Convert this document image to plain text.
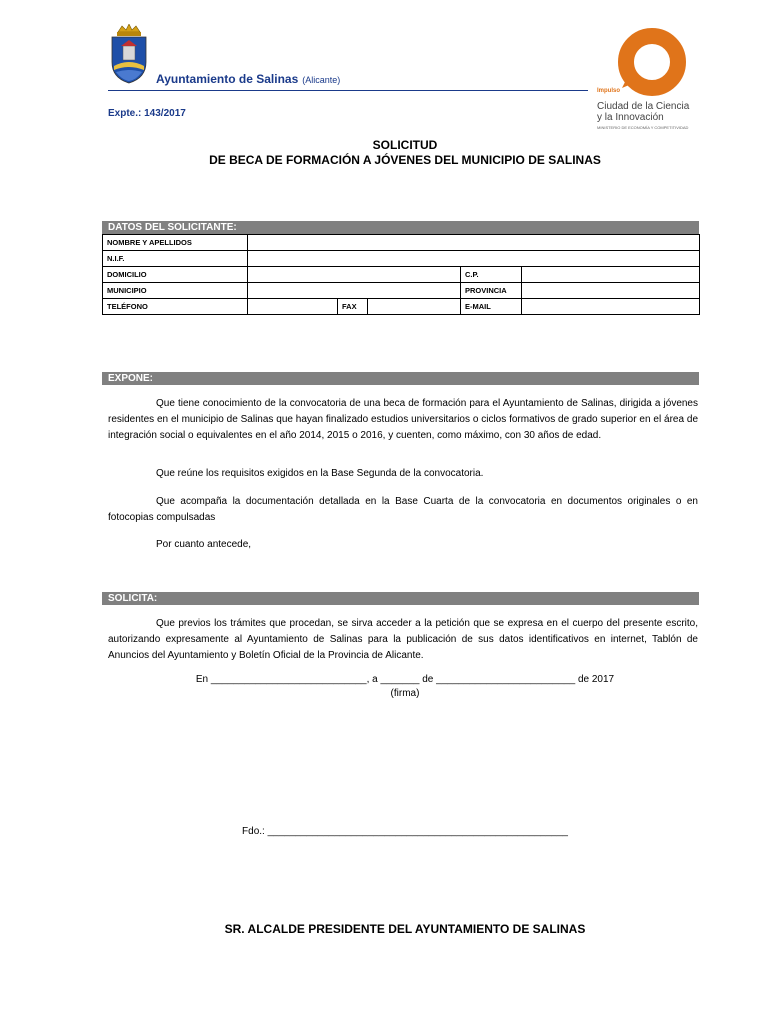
Ayuntamiento de Salinas (Alicante)
Expte.: 143/2017
Impulso
Ciudad de la Ciencia
y la Innovación
MINISTERIO DE ECONOMÍA Y COMPETITIVIDAD
SOLICITUD
DE BECA DE FORMACIÓN A JÓVENES DEL MUNICIPIO DE SALINAS
DATOS DEL SOLICITANTE:
NOMBRE Y APELLIDOS					
N.I.F.					
DOMICILIO				C.P.	
MUNICIPIO				PROVINCIA	
TELÉFONO		FAX		E-MAIL	
EXPONE:
Que tiene conocimiento de la convocatoria de una beca de formación para el Ayuntamiento de Salinas, dirigida a jóvenes residentes en el municipio de Salinas que hayan finalizado estudios universitarios o ciclos formativos de grado superior en el área de integración social o equivalentes en el año 2014, 2015 o 2016, y cuenten, como máximo, con 30 años de edad.
Que reúne los requisitos exigidos en la Base Segunda de la convocatoria.
Que acompaña la documentación detallada en la Base Cuarta de la convocatoria en documentos originales o en fotocopias compulsadas
Por cuanto antecede,
SOLICITA:
Que previos los trámites que procedan, se sirva acceder a la petición que se expresa en el cuerpo del presente escrito, autorizando expresamente al Ayuntamiento de Salinas para la publicación de sus datos identificativos en internet, Tablón de Anuncios del Ayuntamiento y Boletín Oficial de la Provincia de Alicante.
En ____________________________, a _______ de _________________________ de 2017
(firma)
Fdo.: ______________________________________________________
SR. ALCALDE PRESIDENTE DEL AYUNTAMIENTO DE SALINAS
